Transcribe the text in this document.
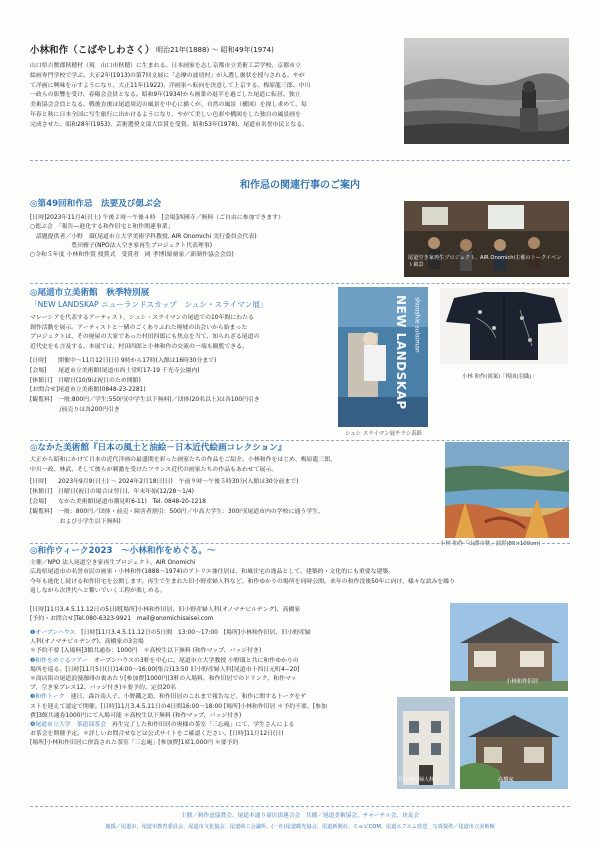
小林和作（こばやしわさく） 明治21年(1888) ～ 昭和49年(1974)
山口県吉敷郡秋穂村（現　山口市秋穂）に生まれる。日本画家を志し京都市立美術工芸学校、京都市立
絵画専門学校で学ぶ。大正2年(1913)の第7回文展に「志摩の波切村」が入選し褒状を授与される。やが
て洋画に興味を示すようになり、大正11年(1922)、洋画家へ転向を決意して上京する。梅原龍三郎、中川
一政らの影響を受け、春陽会会員となる。昭和9年(1934)から画業の退半を過ごした尾道に転居、独立
美術協会会員となる。戦後直後は尾道周辺の風景を中心に描くが、自然の風景（構図）を探し求めて、毎
年春と秋に日本全国に写生旅行に出かけるようになり、やがて美しい色彩や構図をした独自の風景画を
完成させた。昭和28年(1953)、芸術選奨文部大臣賞を受賞。昭和53年(1978)、尾道市名誉市民となる。
和作忌の関連行事のご案内
◎第49回和作忌　法要及び偲ぶ会
[日時]2023年11月4日(土) 午後２時～午後４時　[会場]西國寺／無料（ご自由に参加できます）
○偲ぶ会　「報告—進化する和作旧宅と和作関連事業」
　話題提供者／小野　環(尾道市立大学美術学科教授, AIR Onomichi 実行委員会代表)
　　　　　　　豊田雅子(NPO法人空き家再生プロジェクト代表理事)
○令和５年度 小林和作賞 授賞式　受賞者　岡 孝博(彫刻家／新制作協会会員)	尾道空き家再生プロジェクト、AIR Onomichi主催のトークイベント風景
◎尾道市立美術館　秋季特別展
「NEW LANDSKAP ニューランドスカップ　シュシ・スライマン展」
マレーシアを代表するアーティスト、シュシ・スライマンの尾道での10年間にわたる
創作活動を展示。アーティストと一緒のごくありふれた廃墟の出会いから始まった
プロジェクトは、その廃屋の大家であった村田四郎にも焦点を当て、知られざる尾道の
近代史をも言及する。本展では、村田四郎と小林和作の交流の一端も観覧できる。
[日時]　　開催中～11月12日(日) 9時から17時(入館は16時30分まで)
[会場]　　尾道市立美術館(尾道市西土堂町17-19 千光寺公園内)
[休館日]　月曜日(10/9は祝日のため開館)
[お問合せ]尾道市立美術館(0848-23-2281)
[観覧料]　一般:800円／学生:550円(中学生以下無料)／団体(20名以上)は各100円引き
　　　　　/前売りは各200円引き
NEW LANDSKAP shooshie sulaiman
シュシ スライマン展チラシ表紙
小林 和作(図案)「梅図(羽織)」
◎なかた美術館『日本の風土と油絵－日本近代絵画コレクション』
大正から昭和にかけて日本の近代洋画の最盛期を彩った画家たちの作品をご紹介。小林和作をはじめ、梅原龍三郎、
中川一政、林武、そして彼らが刺激を受けたフランス近代の画家たちの作品もあわせて展示。
[日時]　　2023年9月9日(土) ～ 2024年2月18日(日)　午前９時～午後５時30分(入館は30分前まで)
[休館日]　月曜日(祝日の場合は翌日)、年末年始(12/28～1/4)
[会場]　　なかた美術館(尾道市潮見町6-11)　Tel. 0848-20-1218
[観覧料]　一般：800円／団体・前売・障害者割引：500円／中高大学生：300円(尾道市内の学校に通う学生、
　　　　　および小学生以下無料)
小林 和作「山湖の秋」油彩(80×100cm)
◎和作ウィーク2023　～小林和作をめぐる。～
主催／NPO 法人尾道空き家再生プロジェクト、AIR Onomichi
広島県尾道市の名誉市民の画家・小林和作(1888～1974)のアトリエ兼住居は、和風住宅の逸品として、建築的・文化的にも重要な建築。
今年も進化し続ける和作旧宅を公開します。再生で生まれた旧小野産婦人科など、和作ゆかりの場所を同時公開。来年の和作没後50年に向け、様々な試みを繰り
返しながら次世代へと繋いでいく工程が楽しめる。
[日時]11月3.4.5.11.12日の5日間[場所]小林和作旧居、旧小野産婦人科(オノマテビルヂング)、高橋家
[予約・お問合せ]Tel.080-6323-9921　mail@onomichisaisei.com
❶オープンハウス　[日時]11月3.4.5.11.12日の5日間　13:00～17:00　[場所]小林和作旧居、旧小野産婦
人科(オノマテビルヂング)、高橋家の3会場
＊予約不要 [入場料]3館共通券：1000円　＊高校生以下無料 (和作マップ、バッジ付き)
❷和作をめぐるツアー　オープンハウスの3軒を中心に、尾道市立大学教授 小野環と共に和作ゆかりの
場所を巡る。[日時]11月5日(日)14:00～16:00(集合)13:50 旧小野産婦人科[尾道市十四日元町4−20]
＊商店街の尾道浪漫珈琲の裏あたり[参加費]1000円(3軒の入場料、和作旧居でのドリンク、和作マッ
プ、空き家プレス12、バッジ付き)＊要予約、定員20名
❸和作トーク　連日、森谷南人子、小野鐵之助、和作旧居のこれまで報告など、和作に関するトークをゲ
ストを迎えて認定で開催。[日時]11月3.4.5.11日の4日間16:00～18:00 [場所]小林和作旧居 ＊予約不要、[参加
費]3館共通券1000円にて入場可能 ＊高校生以下無料 (和作マップ、バッジ付き)
❹尾道市立大学　茶道部茶会　再生完了した和作旧居の奥様の茶室「三忘庵」にて、学生さんによる
お茶会を開催予定。＊詳しいお問合せなどは公式サイトをご確認ください。[日時]11月12日(日)
[場所]小林和作旧居に併設された茶室「三忘庵」[参加費]1席1,000円 ＊要予約
小林和作旧居
旧小野産婦人科	高橋家
主催／和作忌協賛会、尾道本通り商店街連合会　共催／尾道美術協会、チャーチル会、坊友会
後援／尾道市、尾道市教育委員会、尾道市文化協会、尾道商工会議所、(一社)尾道観光協会、尾道新聞社、ちゅピCOM、尾道エフエム放送　写真提供／尾道市立美術館
